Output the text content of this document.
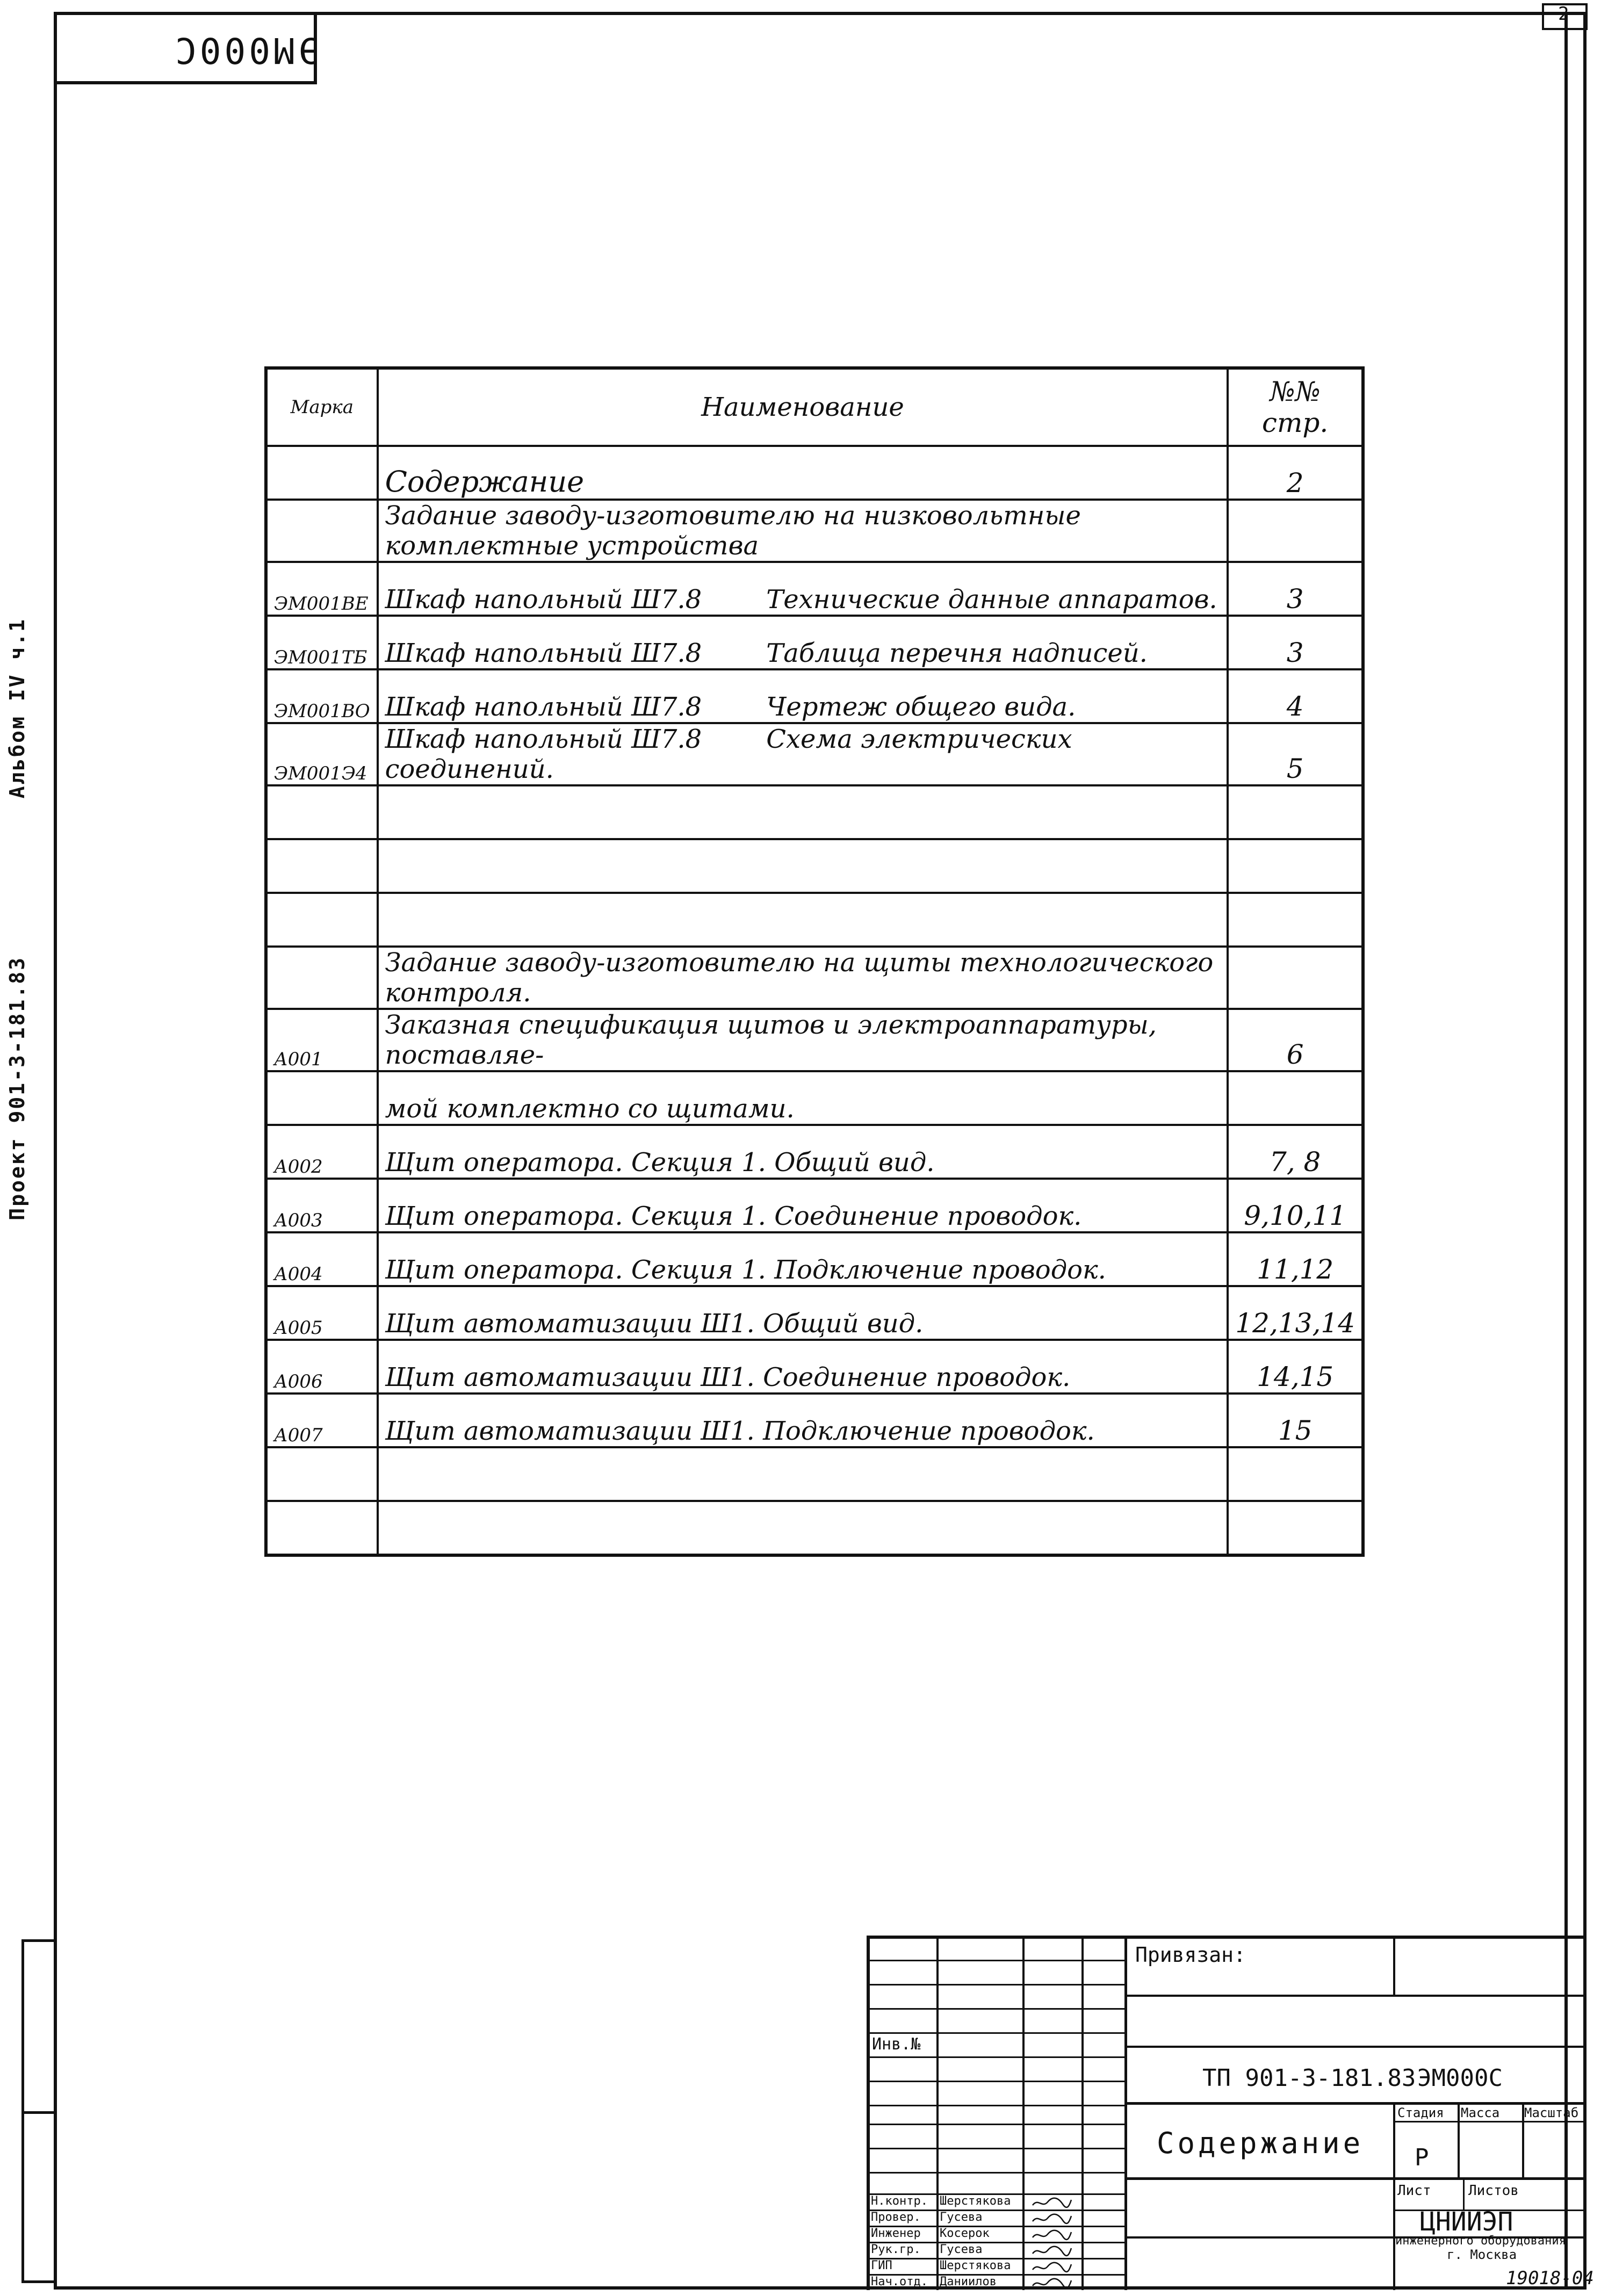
ЭМ000С
2
Альбом IV ч.1
Проект 901-3-181.83
Марка	Наименование	№№ стр.
	Содержание	2
	Задание заводу-изготовителю на низковольтные комплектные устройства	
ЭМ001ВЕ	Шкаф напольный Ш7.8 Технические данные аппаратов.	3
ЭМ001ТБ	Шкаф напольный Ш7.8 Таблица перечня надписей.	3
ЭМ001ВО	Шкаф напольный Ш7.8 Чертеж общего вида.	4
ЭМ001Э4	Шкаф напольный Ш7.8 Схема электрических соединений.	5

	Задание заводу-изготовителю на щиты технологического контроля.	
А001	Заказная спецификация щитов и электроаппаратуры, поставляе-	6
	мой комплектно со щитами.	
А002	Щит оператора. Секция 1. Общий вид.	7, 8
А003	Щит оператора. Секция 1. Соединение проводок.	9,10,11
А004	Щит оператора. Секция 1. Подключение проводок.	11,12
А005	Щит автоматизации Ш1. Общий вид.	12,13,14
А006	Щит автоматизации Ш1. Соединение проводок.	14,15
А007	Щит автоматизации Ш1. Подключение проводок.	15

Привязан:
Инв.№
ТП 901-3-181.83 ЭМ000С
Содержание
Стадия Масса Масштаб
Р
Лист	Листов
ЦНИИЭП
инженерного оборудования
г. Москва
19018-04
Н.контр. Шерстякова
Провер. Гусева
Инженер Косерок
Рук.гр. Гусева
ГИП	Шерстякова
Нач.отд. Даниилов
